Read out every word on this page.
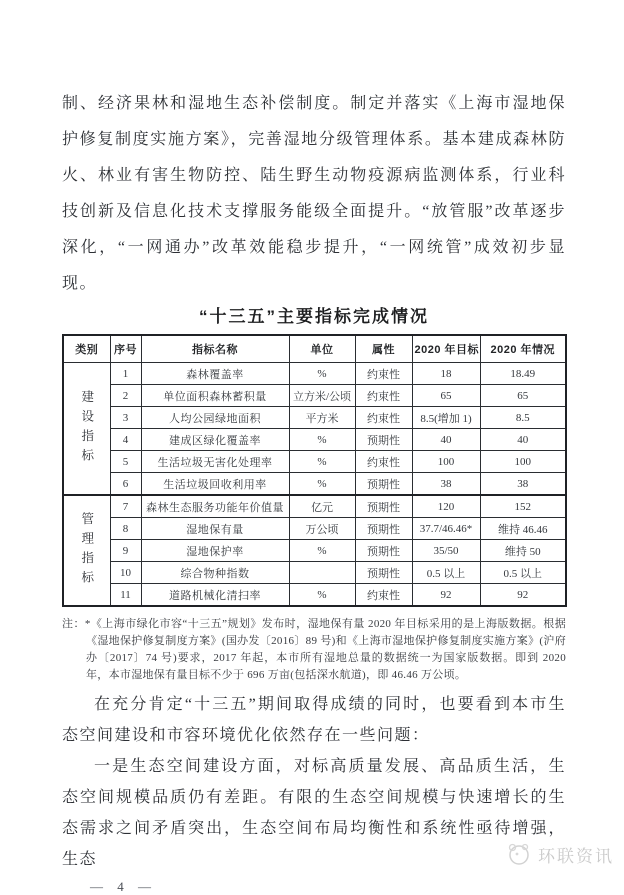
制、经济果林和湿地生态补偿制度。制定并落实《上海市湿地保护修复制度实施方案》，完善湿地分级管理体系。基本建成森林防火、林业有害生物防控、陆生野生动物疫源病监测体系，行业科技创新及信息化技术支撑服务能级全面提升。“放管服”改革逐步深化，“一网通办”改革效能稳步提升，“一网统管”成效初步显现。
“十三五”主要指标完成情况
类别	序号	指标名称	单位	属性	2020 年目标	2020 年情况
建设指标	1	森林覆盖率	%	约束性	18	18.49
	2	单位面积森林蓄积量	立方米/公顷	约束性	65	65
	3	人均公园绿地面积	平方米	约束性	8.5(增加 1)	8.5
	4	建成区绿化覆盖率	%	预期性	40	40
	5	生活垃圾无害化处理率	%	约束性	100	100
	6	生活垃圾回收利用率	%	预期性	38	38
管理指标	7	森林生态服务功能年价值量	亿元	预期性	120	152
	8	湿地保有量	万公顷	预期性	37.7/46.46*	维持 46.46
	9	湿地保护率	%	预期性	35/50	维持 50
	10	综合物种指数		预期性	0.5 以上	0.5 以上
	11	道路机械化清扫率	%	约束性	92	92
注：*《上海市绿化市容“十三五”规划》发布时，湿地保有量 2020 年目标采用的是上海版数据。根据《湿地保护修复制度方案》(国办发〔2016〕89 号)和《上海市湿地保护修复制度实施方案》(沪府办〔2017〕74 号)要求，2017 年起，本市所有湿地总量的数据统一为国家版数据。即到 2020 年，本市湿地保有量目标不少于 696 万亩(包括深水航道)，即 46.46 万公顷。
在充分肯定“十三五”期间取得成绩的同时，也要看到本市生态空间建设和市容环境优化依然存在一些问题：
一是生态空间建设方面，对标高质量发展、高品质生活，生态空间规模品质仍有差距。有限的生态空间规模与快速增长的生态需求之间矛盾突出，生态空间布局均衡性和系统性亟待增强，生态
— 4 —
环联资讯
